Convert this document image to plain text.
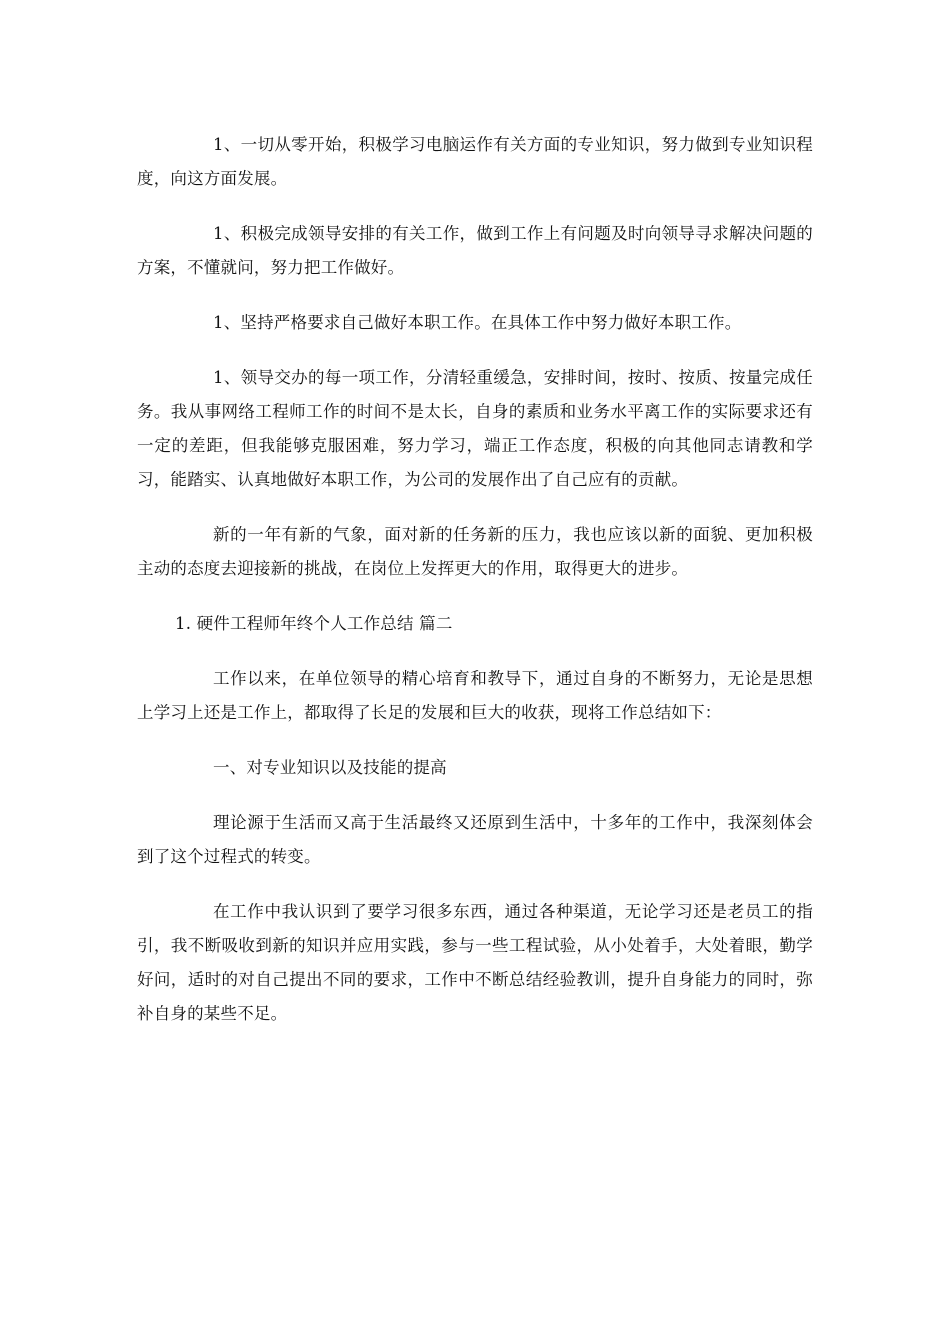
1、一切从零开始，积极学习电脑运作有关方面的专业知识，努力做到专业知识程度，向这方面发展。

1、积极完成领导安排的有关工作，做到工作上有问题及时向领导寻求解决问题的方案，不懂就问，努力把工作做好。

1、坚持严格要求自己做好本职工作。在具体工作中努力做好本职工作。

1、领导交办的每一项工作，分清轻重缓急，安排时间，按时、按质、按量完成任务。我从事网络工程师工作的时间不是太长，自身的素质和业务水平离工作的实际要求还有一定的差距，但我能够克服困难，努力学习，端正工作态度，积极的向其他同志请教和学习，能踏实、认真地做好本职工作，为公司的发展作出了自己应有的贡献。

新的一年有新的气象，面对新的任务新的压力，我也应该以新的面貌、更加积极主动的态度去迎接新的挑战，在岗位上发挥更大的作用，取得更大的进步。

1. 硬件工程师年终个人工作总结 篇二

工作以来，在单位领导的精心培育和教导下，通过自身的不断努力，无论是思想上学习上还是工作上，都取得了长足的发展和巨大的收获，现将工作总结如下：

一、对专业知识以及技能的提高

理论源于生活而又高于生活最终又还原到生活中，十多年的工作中，我深刻体会到了这个过程式的转变。

在工作中我认识到了要学习很多东西，通过各种渠道，无论学习还是老员工的指引，我不断吸收到新的知识并应用实践，参与一些工程试验，从小处着手，大处着眼，勤学好问，适时的对自己提出不同的要求，工作中不断总结经验教训，提升自身能力的同时，弥补自身的某些不足。
